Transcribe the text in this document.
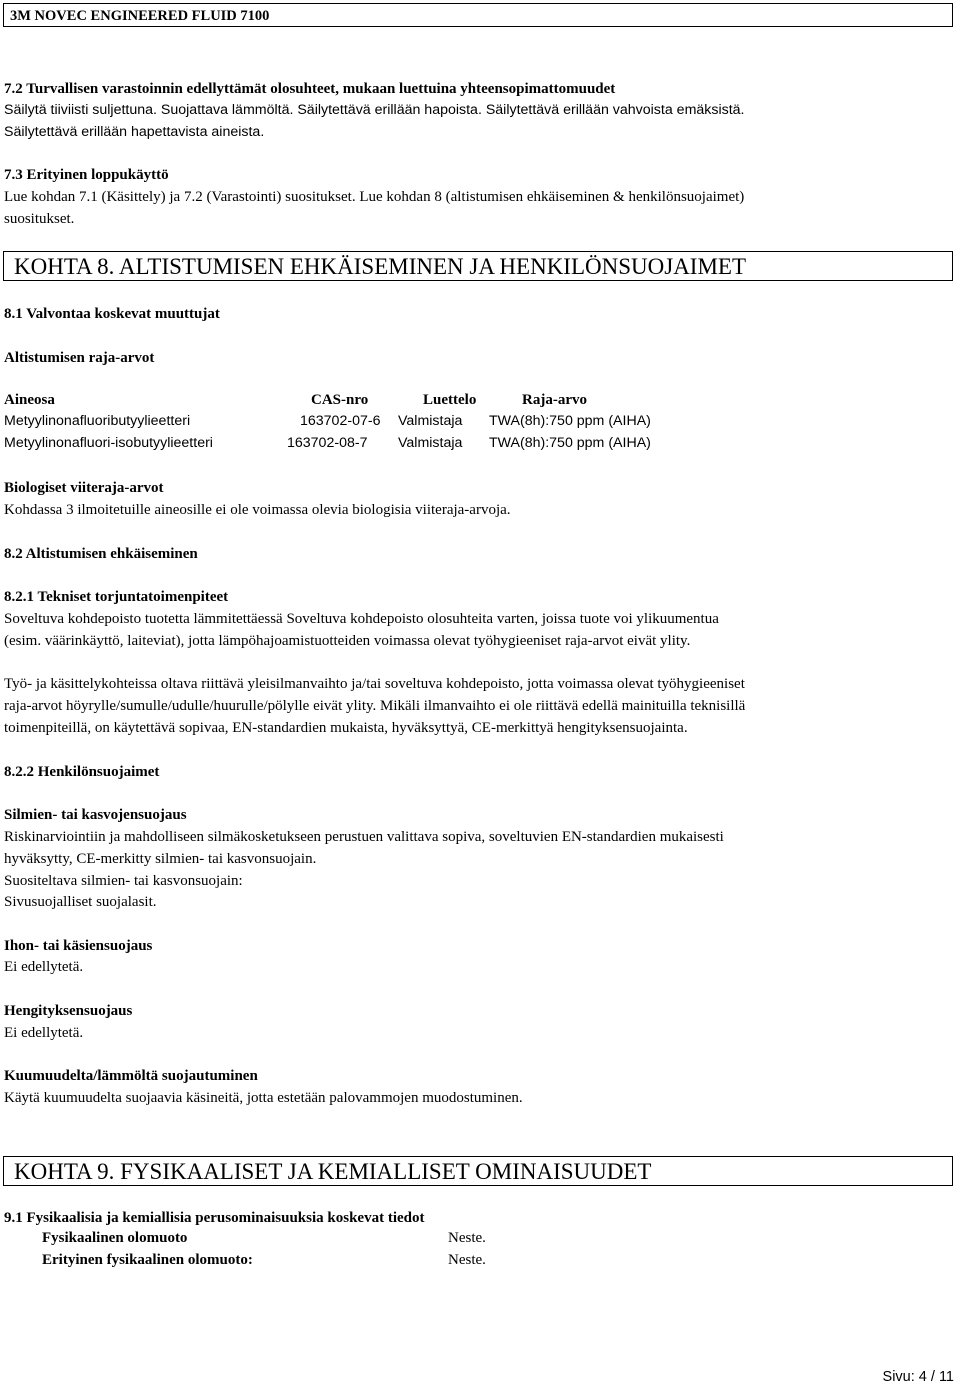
3M NOVEC ENGINEERED FLUID 7100
7.2 Turvallisen varastoinnin edellyttämät olosuhteet, mukaan luettuina yhteensopimattomuudet
Säilytä tiiviisti suljettuna. Suojattava lämmöltä. Säilytettävä erillään hapoista. Säilytettävä erillään vahvoista emäksistä.
Säilytettävä erillään hapettavista aineista.
7.3 Erityinen loppukäyttö
Lue kohdan 7.1 (Käsittely) ja 7.2 (Varastointi) suositukset. Lue kohdan 8 (altistumisen ehkäiseminen & henkilönsuojaimet)
suositukset.
KOHTA 8. ALTISTUMISEN EHKÄISEMINEN JA HENKILÖNSUOJAIMET
8.1 Valvontaa koskevat muuttujat
Altistumisen raja-arvot
Aineosa	CAS-nro	Luettelo	Raja-arvo
Metyylinonafluoributyylieetteri	163702-07-6 Valmistaja TWA(8h):750 ppm (AIHA)
Metyylinonafluori-isobutyylieetteri	163702-08-7 Valmistaja TWA(8h):750 ppm (AIHA)
Biologiset viiteraja-arvot
Kohdassa 3 ilmoitetuille aineosille ei ole voimassa olevia biologisia viiteraja-arvoja.
8.2 Altistumisen ehkäiseminen
8.2.1 Tekniset torjuntatoimenpiteet
Soveltuva kohdepoisto tuotetta lämmitettäessä Soveltuva kohdepoisto olosuhteita varten, joissa tuote voi ylikuumentua
(esim. väärinkäyttö, laiteviat), jotta lämpöhajoamistuotteiden voimassa olevat työhygieeniset raja-arvot eivät ylity.
Työ- ja käsittelykohteissa oltava riittävä yleisilmanvaihto ja/tai soveltuva kohdepoisto, jotta voimassa olevat työhygieeniset
raja-arvot höyrylle/sumulle/udulle/huurulle/pölylle eivät ylity. Mikäli ilmanvaihto ei ole riittävä edellä mainituilla teknisillä
toimenpiteillä, on käytettävä sopivaa, EN-standardien mukaista, hyväksyttyä, CE-merkittyä hengityksensuojainta.
8.2.2 Henkilönsuojaimet
Silmien- tai kasvojensuojaus
Riskinarviointiin ja mahdolliseen silmäkosketukseen perustuen valittava sopiva, soveltuvien EN-standardien mukaisesti
hyväksytty, CE-merkitty silmien- tai kasvonsuojain.
Suositeltava silmien- tai kasvonsuojain:
Sivusuojalliset suojalasit.
Ihon- tai käsiensuojaus
Ei edellytetä.
Hengityksensuojaus
Ei edellytetä.
Kuumuudelta/lämmöltä suojautuminen
Käytä kuumuudelta suojaavia käsineitä, jotta estetään palovammojen muodostuminen.
KOHTA 9. FYSIKAALISET JA KEMIALLISET OMINAISUUDET
9.1 Fysikaalisia ja kemiallisia perusominaisuuksia koskevat tiedot
Fysikaalinen olomuoto	Neste.
Erityinen fysikaalinen olomuoto:	Neste.
Sivu: 4 / 11
